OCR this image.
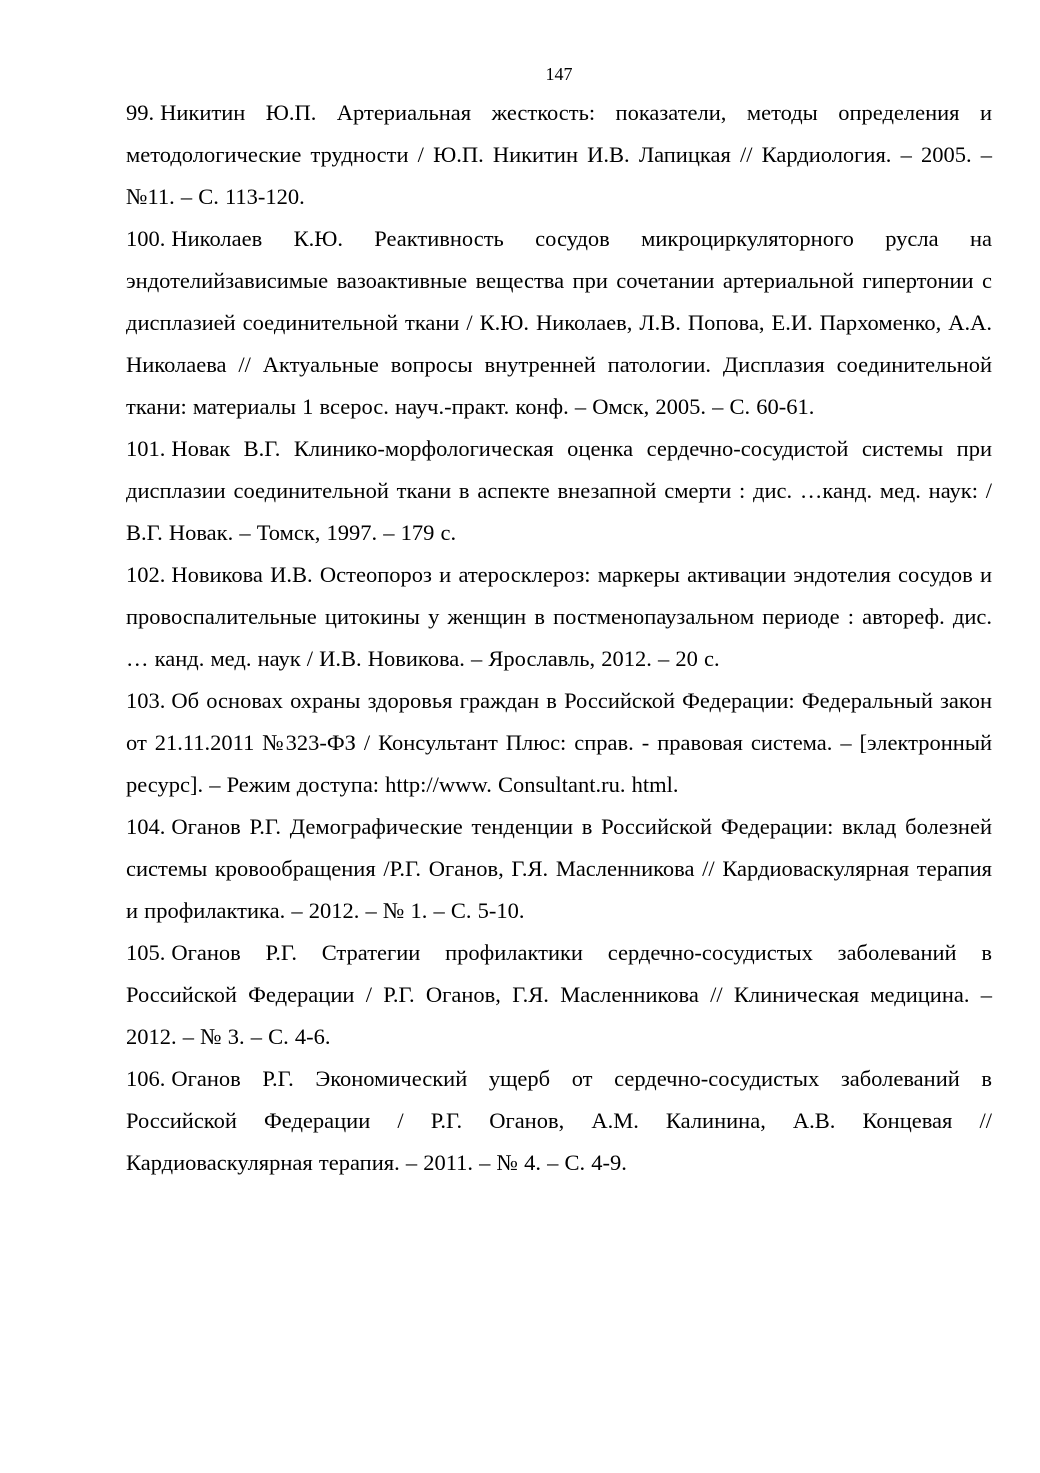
147

99. Никитин Ю.П. Артериальная жесткость: показатели, методы определения и методологические трудности / Ю.П. Никитин И.В. Лапицкая // Кардиология. – 2005. – №11. – С. 113-120.

100. Николаев К.Ю. Реактивность сосудов микроциркуляторного русла на эндотелийзависимые вазоактивные вещества при сочетании артериальной гипертонии с дисплазией соединительной ткани / К.Ю. Николаев, Л.В. Попова, Е.И. Пархоменко, А.А. Николаева // Актуальные вопросы внутренней патологии. Дисплазия соединительной ткани: материалы 1 всерос. науч.-практ. конф. – Омск, 2005. – С. 60-61.

101. Новак В.Г. Клинико-морфологическая оценка сердечно-сосудистой системы при дисплазии соединительной ткани в аспекте внезапной смерти : дис. …канд. мед. наук: / В.Г. Новак. – Томск, 1997. – 179 с.

102. Новикова И.В. Остеопороз и атеросклероз: маркеры активации эндотелия сосудов и провоспалительные цитокины у женщин в постменопаузальном периоде : автореф. дис. … канд. мед. наук / И.В. Новикова. – Ярославль, 2012. – 20 с.

103. Об основах охраны здоровья граждан в Российской Федерации: Федеральный закон от 21.11.2011 №323-ФЗ / Консультант Плюс: справ. - правовая система. – [электронный ресурс]. – Режим доступа: http://www. Consultant.ru. html.

104. Оганов Р.Г. Демографические тенденции в Российской Федерации: вклад болезней системы кровообращения /Р.Г. Оганов, Г.Я. Масленникова // Кардиоваскулярная терапия и профилактика. – 2012. – № 1. – С. 5-10.

105. Оганов Р.Г. Стратегии профилактики сердечно-сосудистых заболеваний в Российской Федерации / Р.Г. Оганов, Г.Я. Масленникова // Клиническая медицина. – 2012. – № 3. – С. 4-6.

106. Оганов Р.Г. Экономический ущерб от сердечно-сосудистых заболеваний в Российской Федерации / Р.Г. Оганов, А.М. Калинина, А.В. Концевая // Кардиоваскулярная терапия. – 2011. – № 4. – С. 4-9.
